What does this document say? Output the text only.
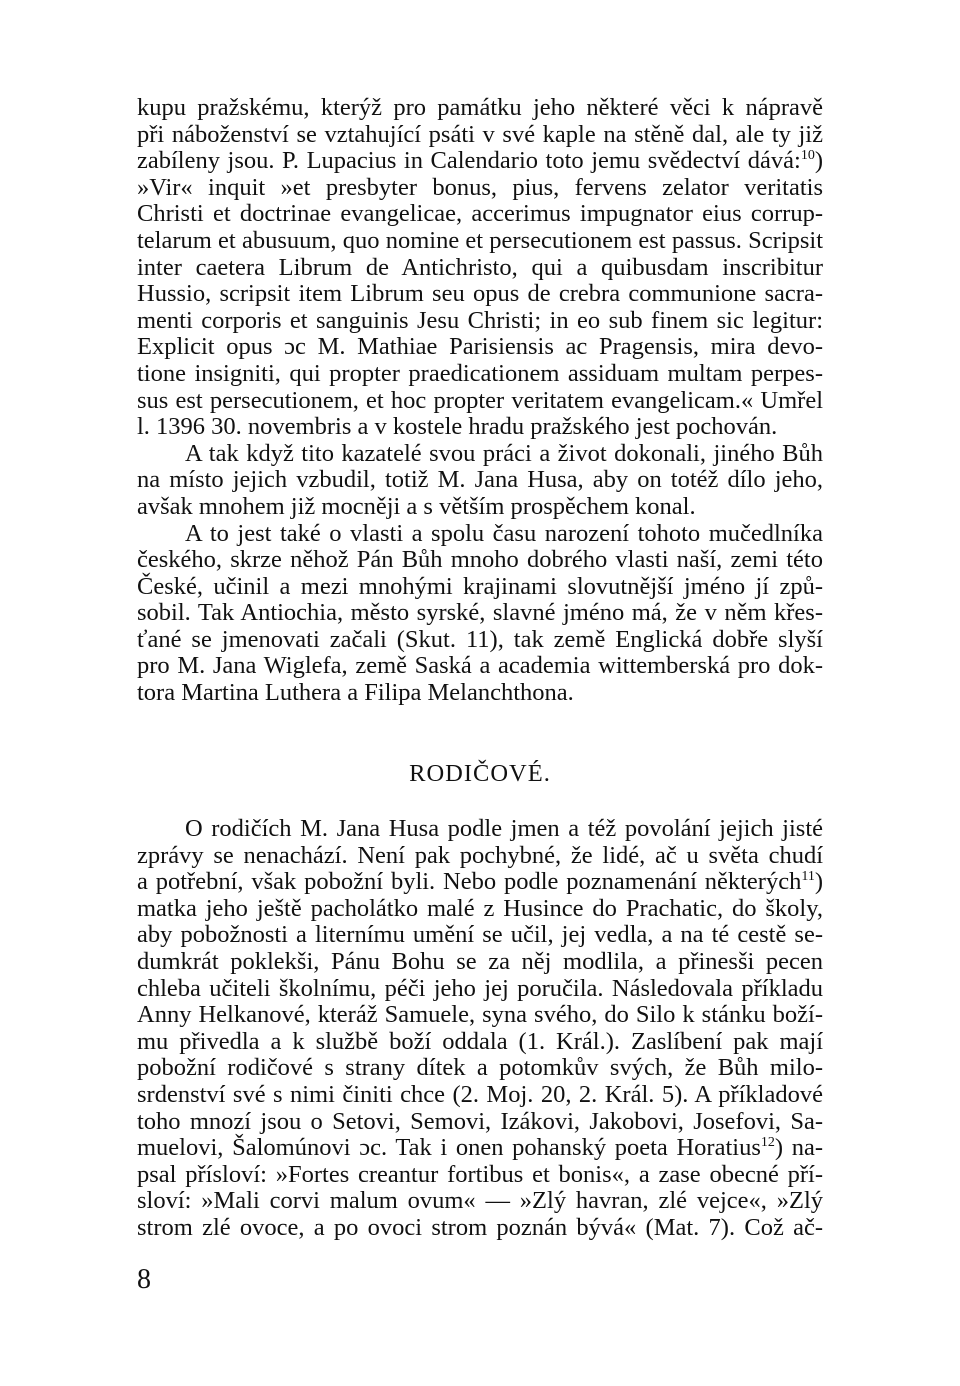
kupu pražskému, kterýž pro památku jeho některé věci k nápravě
při náboženství se vztahující psáti v své kaple na stěně dal, ale ty již
zabíleny jsou. P. Lupacius in Calendario toto jemu svědectví dává:$^{10}$)
»Vir« inquit »et presbyter bonus, pius, fervens zelator veritatis
Christi et doctrinae evangelicae, accerimus impugnator eius corrup-
telarum et abusuum, quo nomine et persecutionem est passus. Scripsit
inter caetera Librum de Antichristo, qui a quibusdam inscribitur
Hussio, scripsit item Librum seu opus de crebra communione sacra-
menti corporis et sanguinis Jesu Christi; in eo sub finem sic legitur:
Explicit opus ɔc M. Mathiae Parisiensis ac Pragensis, mira devo-
tione insigniti, qui propter praedicationem assiduam multam perpes-
sus est persecutionem, et hoc propter veritatem evangelicam.« Umřel
l. 1396 30. novembris a v kostele hradu pražského jest pochován.
A tak když tito kazatelé svou práci a život dokonali, jiného Bůh
na místo jejich vzbudil, totiž M. Jana Husa, aby on totéž dílo jeho,
avšak mnohem již mocněji a s větším prospěchem konal.
A to jest také o vlasti a spolu času narození tohoto mučedlníka
českého, skrze něhož Pán Bůh mnoho dobrého vlasti naší, zemi této
České, učinil a mezi mnohými krajinami slovutnější jméno jí způ-
sobil. Tak Antiochia, město syrské, slavné jméno má, že v něm křes-
ťané se jmenovati začali (Skut. 11), tak země Englická dobře slyší
pro M. Jana Wiglefa, země Saská a academia wittemberská pro dok-
tora Martina Luthera a Filipa Melanchthona.
RODIČOVÉ.
O rodičích M. Jana Husa podle jmen a též povolání jejich jisté
zprávy se nenachází. Není pak pochybné, že lidé, ač u světa chudí
a potřební, však pobožní byli. Nebo podle poznamenání některých$^{11}$)
matka jeho ještě pacholátko malé z Husince do Prachatic, do školy,
aby pobožnosti a liternímu umění se učil, jej vedla, a na té cestě se-
dumkrát poklekši, Pánu Bohu se za něj modlila, a přinesši pecen
chleba učiteli školnímu, péči jeho jej poručila. Následovala příkladu
Anny Helkanové, kteráž Samuele, syna svého, do Silo k stánku boží-
mu přivedla a k službě boží oddala (1. Král.). Zaslíbení pak mají
pobožní rodičové s strany dítek a potomkův svých, že Bůh milo-
srdenství své s nimi činiti chce (2. Moj. 20, 2. Král. 5). A příkladové
toho mnozí jsou o Setovi, Semovi, Izákovi, Jakobovi, Josefovi, Sa-
muelovi, Šalomúnovi ɔc. Tak i onen pohanský poeta Horatius$^{12}$) na-
psal přísloví: »Fortes creantur fortibus et bonis«, a zase obecné pří-
sloví: »Mali corvi malum ovum« — »Zlý havran, zlé vejce«, »Zlý
strom zlé ovoce, a po ovoci strom poznán bývá« (Mat. 7). Což ač-
8
